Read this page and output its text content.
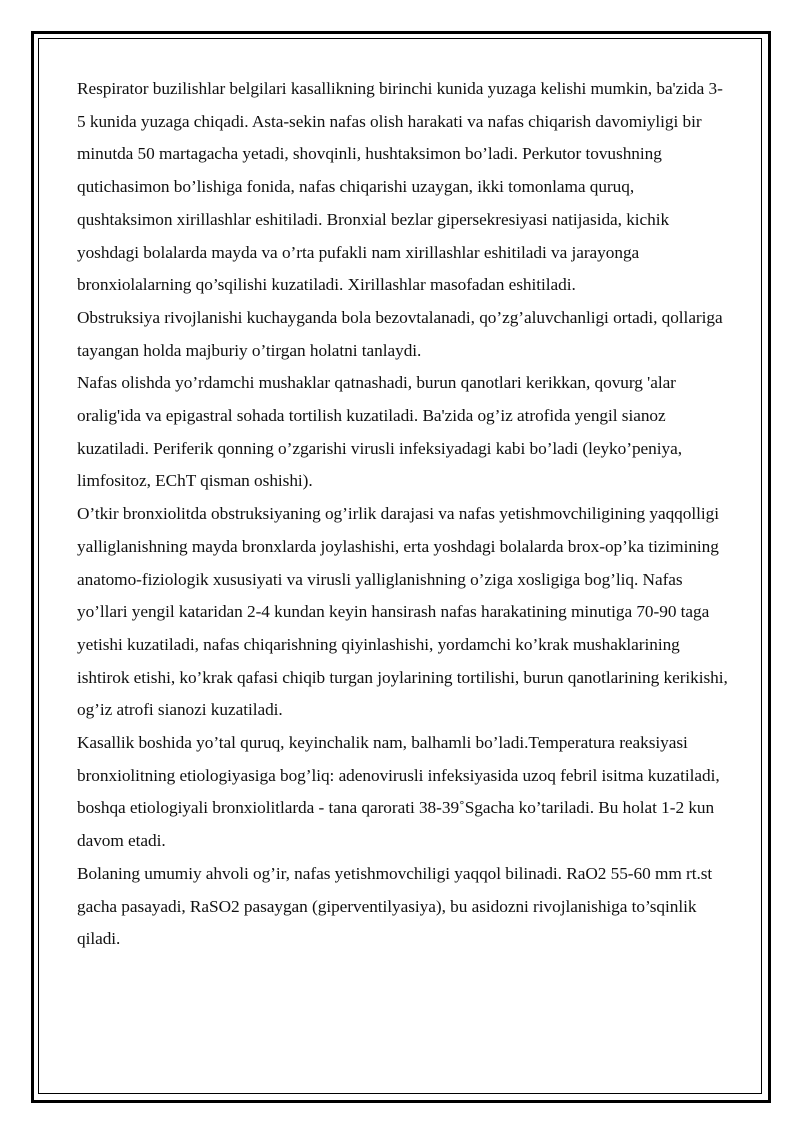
Respirator buzilishlar belgilari kasallikning birinchi kunida yuzaga kelishi mumkin, ba'zida 3-5 kunida yuzaga chiqadi. Asta-sekin nafas olish harakati va nafas chiqarish davomiyligi bir minutda 50 martagacha yetadi, shovqinli, hushtaksimon bo’ladi. Perkutor tovushning qutichasimon bo’lishiga fonida, nafas chiqarishi uzaygan, ikki tomonlama quruq, qushtaksimon xirillashlar eshitiladi. Bronxial bezlar gipersekresiyasi natijasida, kichik yoshdagi bolalarda mayda va o’rta pufakli nam xirillashlar eshitiladi va jarayonga bronxiolalarning qo’sqilishi kuzatiladi. Xirillashlar masofadan eshitiladi.

Obstruksiya rivojlanishi kuchayganda bola bezovtalanadi, qo’zg’aluvchanligi ortadi, qollariga tayangan holda majburiy o’tirgan holatni tanlaydi.

Nafas olishda yo’rdamchi mushaklar qatnashadi, burun qanotlari kerikkan, qovurg 'alar oralig'ida va epigastral sohada tortilish kuzatiladi. Ba'zida og’iz atrofida yengil sianoz kuzatiladi. Periferik qonning o’zgarishi virusli infeksiyadagi kabi bo’ladi (leyko’peniya, limfositoz, EChT qisman oshishi).

O’tkir bronxiolitda obstruksiyaning og’irlik darajasi va nafas yetishmovchiligining yaqqolligi yalliglanishning mayda bronxlarda joylashishi, erta yoshdagi bolalarda brox-op’ka tizimining anatomo-fiziologik xususiyati va virusli yalliglanishning o’ziga xosligiga bog’liq. Nafas yo’llari yengil kataridan 2-4 kundan keyin hansirash nafas harakatining minutiga 70-90 taga yetishi kuzatiladi, nafas chiqarishning qiyinlashishi, yordamchi ko’krak mushaklarining ishtirok etishi, ko’krak qafasi chiqib turgan joylarining tortilishi, burun qanotlarining kerikishi, og’iz atrofi sianozi kuzatiladi.

Kasallik boshida yo’tal quruq, keyinchalik nam, balhamli bo’ladi.Temperatura reaksiyasi bronxiolitning etiologiyasiga bog’liq: adenovirusli infeksiyasida uzoq febril isitma kuzatiladi, boshqa etiologiyali bronxiolitlarda - tana qarorati 38-39˚Sgacha ko’tariladi. Bu holat 1-2 kun davom etadi.

Bolaning umumiy ahvoli og’ir, nafas yetishmovchiligi yaqqol bilinadi. RaO2 55-60 mm rt.st gacha pasayadi, RaSO2 pasaygan (giperventilyasiya), bu asidozni rivojlanishiga to’sqinlik qiladi.
